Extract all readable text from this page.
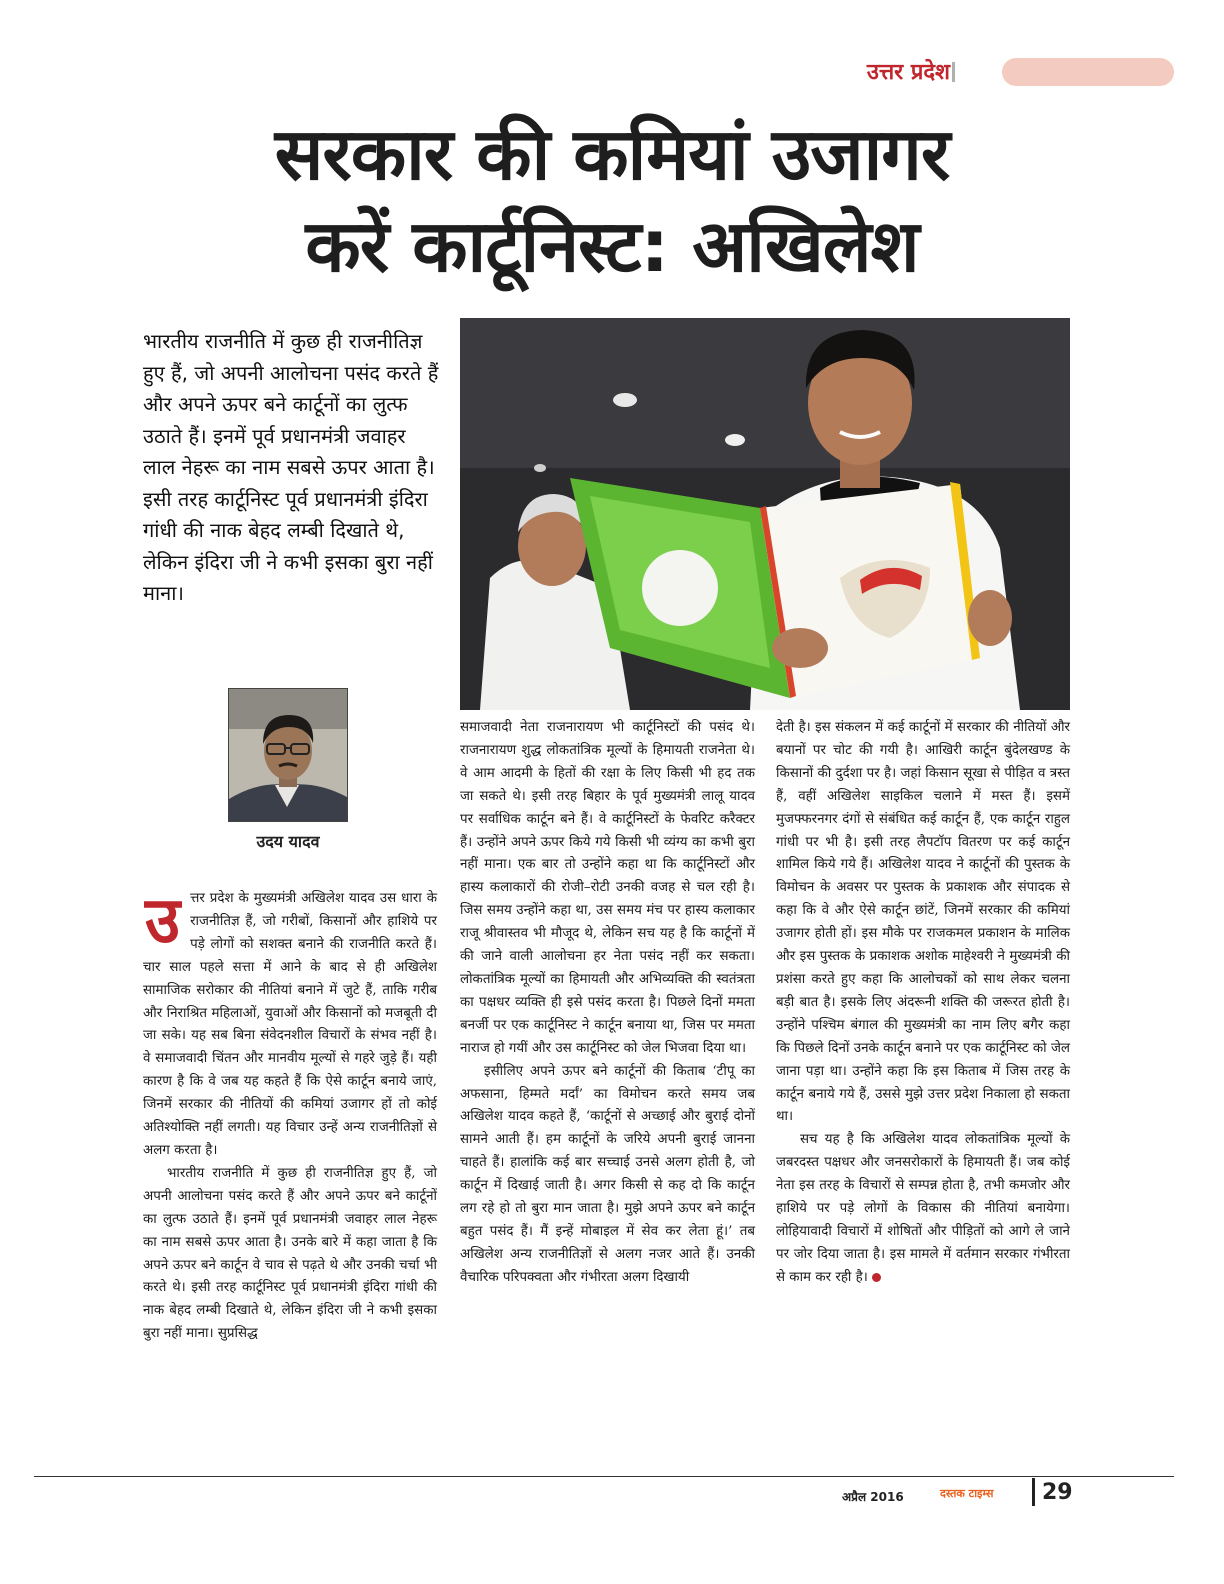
उत्तर प्रदेश
सरकार की कमियां उजागर
करें कार्टूनिस्ट: अखिलेश

भारतीय राजनीति में कुछ ही राजनीतिज्ञ हुए हैं, जो अपनी आलोचना पसंद करते हैं और अपने ऊपर बने कार्टूनों का लुत्फ उठाते हैं। इनमें पूर्व प्रधानमंत्री जवाहर लाल नेहरू का नाम सबसे ऊपर आता है। इसी तरह कार्टूनिस्ट पूर्व प्रधानमंत्री इंदिरा गांधी की नाक बेहद लम्बी दिखाते थे, लेकिन इंदिरा जी ने कभी इसका बुरा नहीं माना।

उदय यादव

उत्तर प्रदेश के मुख्यमंत्री अखिलेश यादव उस धारा के राजनीतिज्ञ हैं, जो गरीबों, किसानों और हाशिये पर पड़े लोगों को सशक्त बनाने की राजनीति करते हैं। चार साल पहले सत्ता में आने के बाद से ही अखिलेश सामाजिक सरोकार की नीतियां बनाने में जुटे हैं, ताकि गरीब और निराश्रित महिलाओं, युवाओं और किसानों को मजबूती दी जा सके। यह सब बिना संवेदनशील विचारों के संभव नहीं है। वे समाजवादी चिंतन और मानवीय मूल्यों से गहरे जुड़े हैं। यही कारण है कि वे जब यह कहते हैं कि ऐसे कार्टून बनाये जाएं, जिनमें सरकार की नीतियों की कमियां उजागर हों तो कोई अतिश्योक्ति नहीं लगती। यह विचार उन्हें अन्य राजनीतिज्ञों से अलग करता है।

भारतीय राजनीति में कुछ ही राजनीतिज्ञ हुए हैं, जो अपनी आलोचना पसंद करते हैं और अपने ऊपर बने कार्टूनों का लुत्फ उठाते हैं। इनमें पूर्व प्रधानमंत्री जवाहर लाल नेहरू का नाम सबसे ऊपर आता है। उनके बारे में कहा जाता है कि अपने ऊपर बने कार्टून वे चाव से पढ़ते थे और उनकी चर्चा भी करते थे। इसी तरह कार्टूनिस्ट पूर्व प्रधानमंत्री इंदिरा गांधी की नाक बेहद लम्बी दिखाते थे, लेकिन इंदिरा जी ने कभी इसका बुरा नहीं माना। सुप्रसिद्ध

समाजवादी नेता राजनारायण भी कार्टूनिस्टों की पसंद थे। राजनारायण शुद्ध लोकतांत्रिक मूल्यों के हिमायती राजनेता थे। वे आम आदमी के हितों की रक्षा के लिए किसी भी हद तक जा सकते थे। इसी तरह बिहार के पूर्व मुख्यमंत्री लालू यादव पर सर्वाधिक कार्टून बने हैं। वे कार्टूनिस्टों के फेवरिट करैक्टर हैं। उन्होंने अपने ऊपर किये गये किसी भी व्यंग्य का कभी बुरा नहीं माना। एक बार तो उन्होंने कहा था कि कार्टूनिस्टों और हास्य कलाकारों की रोजी–रोटी उनकी वजह से चल रही है। जिस समय उन्होंने कहा था, उस समय मंच पर हास्य कलाकार राजू श्रीवास्तव भी मौजूद थे, लेकिन सच यह है कि कार्टूनों में की जाने वाली आलोचना हर नेता पसंद नहीं कर सकता। लोकतांत्रिक मूल्यों का हिमायती और अभिव्यक्ति की स्वतंत्रता का पक्षधर व्यक्ति ही इसे पसंद करता है। पिछले दिनों ममता बनर्जी पर एक कार्टूनिस्ट ने कार्टून बनाया था, जिस पर ममता नाराज हो गयीं और उस कार्टूनिस्ट को जेल भिजवा दिया था।

इसीलिए अपने ऊपर बने कार्टूनों की किताब ‘टीपू का अफसाना, हिम्मते मर्दां’ का विमोचन करते समय जब अखिलेश यादव कहते हैं, ‘कार्टूनों से अच्छाई और बुराई दोनों सामने आती हैं। हम कार्टूनों के जरिये अपनी बुराई जानना चाहते हैं। हालांकि कई बार सच्चाई उनसे अलग होती है, जो कार्टून में दिखाई जाती है। अगर किसी से कह दो कि कार्टून लग रहे हो तो बुरा मान जाता है। मुझे अपने ऊपर बने कार्टून बहुत पसंद हैं। मैं इन्हें मोबाइल में सेव कर लेता हूं।’ तब अखिलेश अन्य राजनीतिज्ञों से अलग नजर आते हैं। उनकी वैचारिक परिपक्वता और गंभीरता अलग दिखायी

देती है। इस संकलन में कई कार्टूनों में सरकार की नीतियों और बयानों पर चोट की गयी है। आखिरी कार्टून बुंदेलखण्ड के किसानों की दुर्दशा पर है। जहां किसान सूखा से पीड़ित व त्रस्त हैं, वहीं अखिलेश साइकिल चलाने में मस्त हैं। इसमें मुजफ्फरनगर दंगों से संबंधित कई कार्टून हैं, एक कार्टून राहुल गांधी पर भी है। इसी तरह लैपटॉप वितरण पर कई कार्टून शामिल किये गये हैं। अखिलेश यादव ने कार्टूनों की पुस्तक के विमोचन के अवसर पर पुस्तक के प्रकाशक और संपादक से कहा कि वे और ऐसे कार्टून छांटें, जिनमें सरकार की कमियां उजागर होती हों। इस मौके पर राजकमल प्रकाशन के मालिक और इस पुस्तक के प्रकाशक अशोक माहेश्वरी ने मुख्यमंत्री की प्रशंसा करते हुए कहा कि आलोचकों को साथ लेकर चलना बड़ी बात है। इसके लिए अंदरूनी शक्ति की जरूरत होती है। उन्होंने पश्चिम बंगाल की मुख्यमंत्री का नाम लिए बगैर कहा कि पिछले दिनों उनके कार्टून बनाने पर एक कार्टूनिस्ट को जेल जाना पड़ा था। उन्होंने कहा कि इस किताब में जिस तरह के कार्टून बनाये गये हैं, उससे मुझे उत्तर प्रदेश निकाला हो सकता था।

सच यह है कि अखिलेश यादव लोकतांत्रिक मूल्यों के जबरदस्त पक्षधर और जनसरोकारों के हिमायती हैं। जब कोई नेता इस तरह के विचारों से सम्पन्न होता है, तभी कमजोर और हाशिये पर पड़े लोगों के विकास की नीतियां बनायेगा। लोहियावादी विचारों में शोषितों और पीड़ितों को आगे ले जाने पर जोर दिया जाता है। इस मामले में वर्तमान सरकार गंभीरता से काम कर रही है।

अप्रैल 2016	दस्तक टाइम्स 29
